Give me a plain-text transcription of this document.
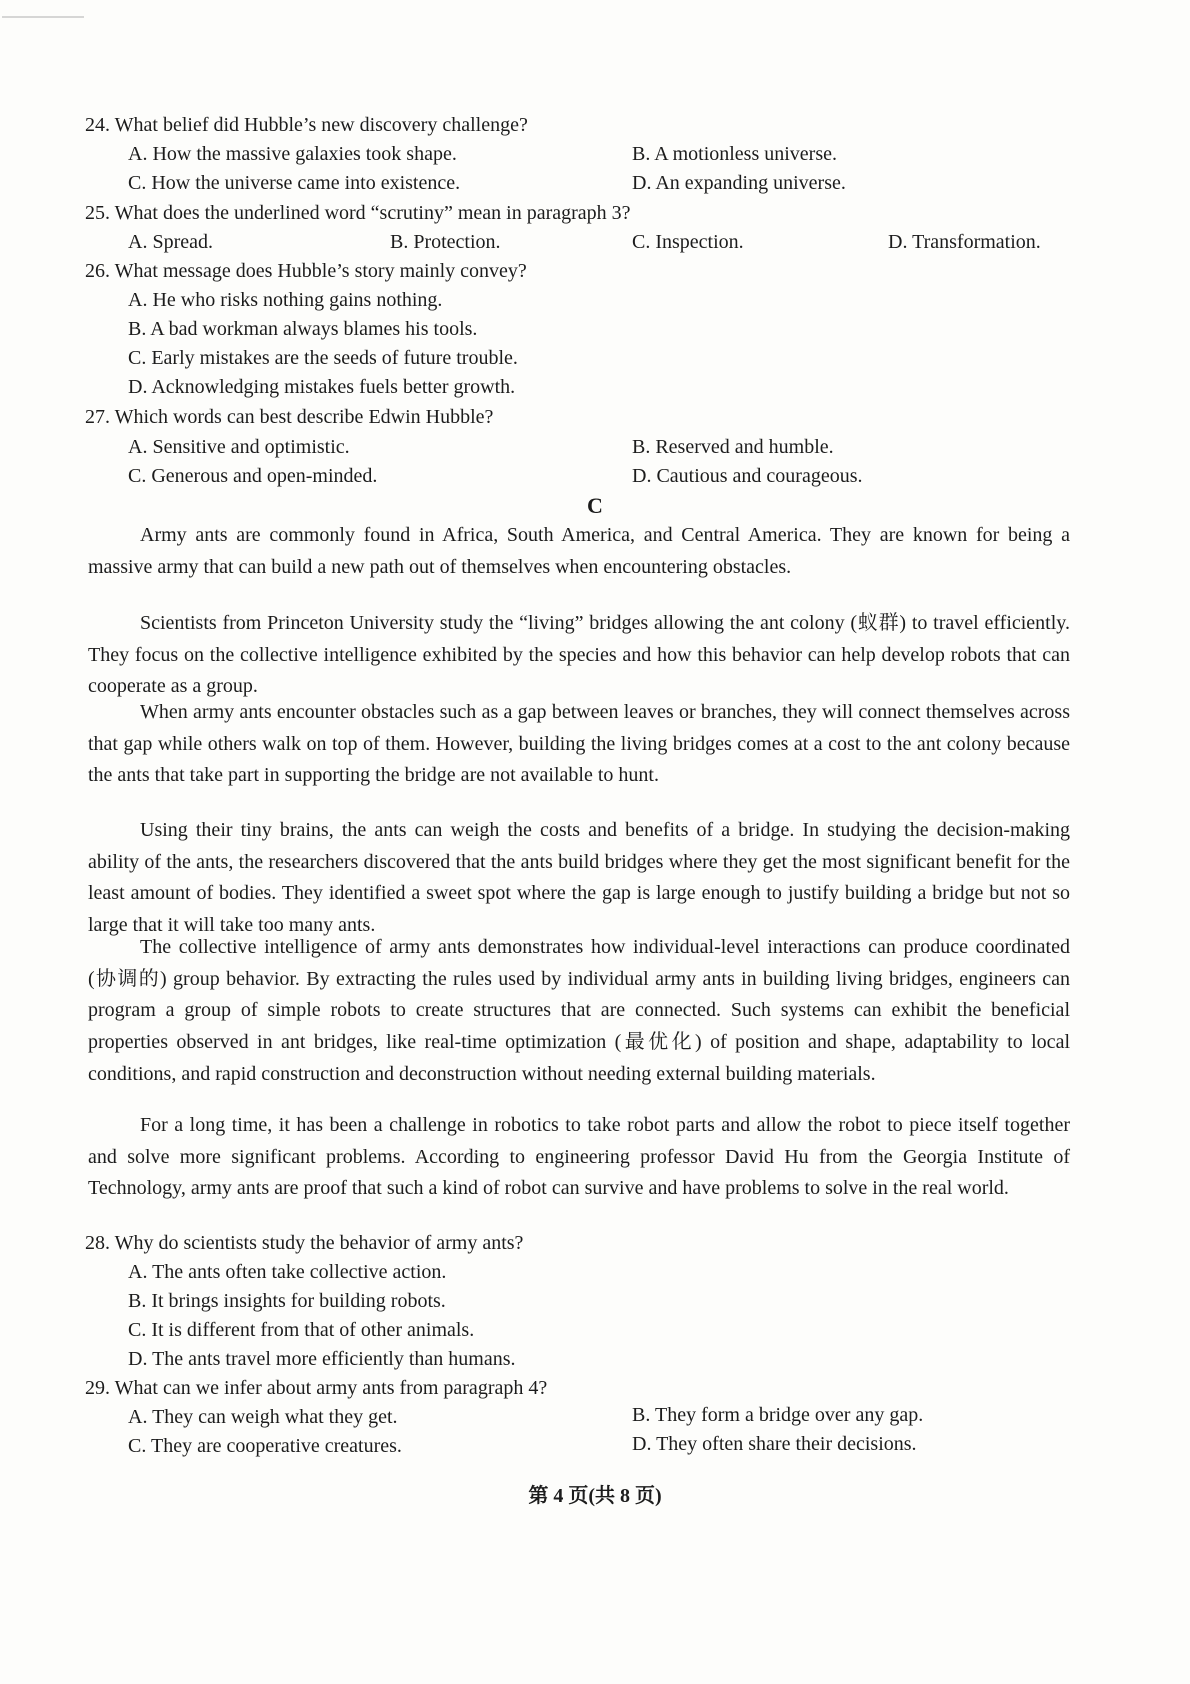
24. What belief did Hubble’s new discovery challenge?
A. How the massive galaxies took shape.	B. A motionless universe.
C. How the universe came into existence.	D. An expanding universe.
25. What does the underlined word “scrutiny” mean in paragraph 3?
A. Spread.	B. Protection.	C. Inspection.	D. Transformation.
26. What message does Hubble’s story mainly convey?
A. He who risks nothing gains nothing.
B. A bad workman always blames his tools.
C. Early mistakes are the seeds of future trouble.
D. Acknowledging mistakes fuels better growth.
27. Which words can best describe Edwin Hubble?
A. Sensitive and optimistic.	B. Reserved and humble.
C. Generous and open-minded.	D. Cautious and courageous.
C
Army ants are commonly found in Africa, South America, and Central America. They are known for being a massive army that can build a new path out of themselves when encountering obstacles.
Scientists from Princeton University study the “living” bridges allowing the ant colony (蚁群) to travel efficiently. They focus on the collective intelligence exhibited by the species and how this behavior can help develop robots that can cooperate as a group.
When army ants encounter obstacles such as a gap between leaves or branches, they will connect themselves across that gap while others walk on top of them. However, building the living bridges comes at a cost to the ant colony because the ants that take part in supporting the bridge are not available to hunt.
Using their tiny brains, the ants can weigh the costs and benefits of a bridge. In studying the decision-making ability of the ants, the researchers discovered that the ants build bridges where they get the most significant benefit for the least amount of bodies. They identified a sweet spot where the gap is large enough to justify building a bridge but not so large that it will take too many ants.
The collective intelligence of army ants demonstrates how individual-level interactions can produce coordinated (协调的) group behavior. By extracting the rules used by individual army ants in building living bridges, engineers can program a group of simple robots to create structures that are connected. Such systems can exhibit the beneficial properties observed in ant bridges, like real-time optimization (最优化) of position and shape, adaptability to local conditions, and rapid construction and deconstruction without needing external building materials.
For a long time, it has been a challenge in robotics to take robot parts and allow the robot to piece itself together and solve more significant problems. According to engineering professor David Hu from the Georgia Institute of Technology, army ants are proof that such a kind of robot can survive and have problems to solve in the real world.
28. Why do scientists study the behavior of army ants?
A. The ants often take collective action.
B. It brings insights for building robots.
C. It is different from that of other animals.
D. The ants travel more efficiently than humans.
29. What can we infer about army ants from paragraph 4?
A. They can weigh what they get.	B. They form a bridge over any gap.
C. They are cooperative creatures.	D. They often share their decisions.
第 4 页(共 8 页)
